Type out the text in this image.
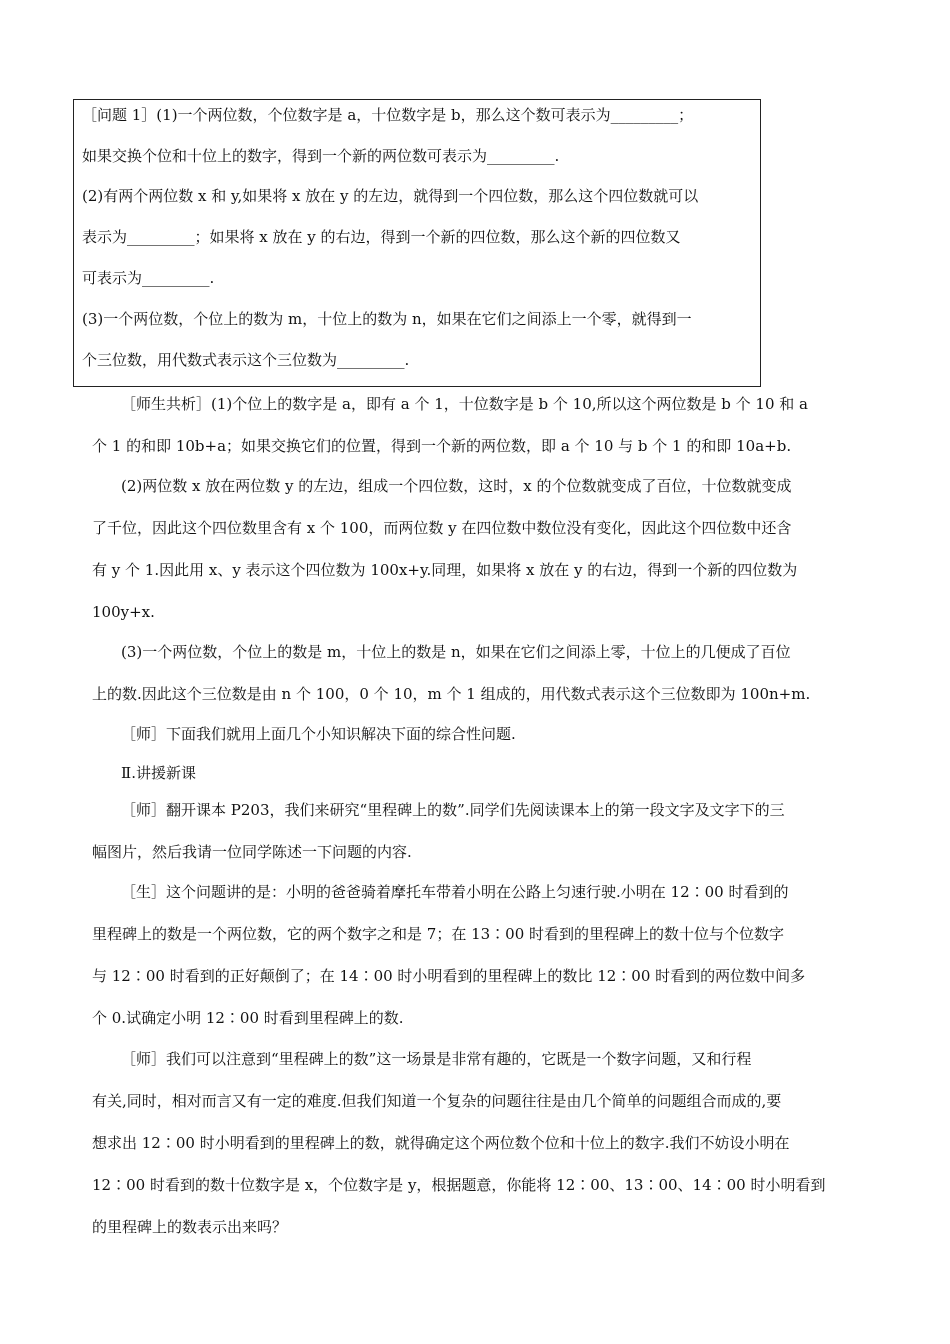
［问题 1］(1)一个两位数，个位数字是 a，十位数字是 b，那么这个数可表示为_________；
如果交换个位和十位上的数字，得到一个新的两位数可表示为_________.
(2)有两个两位数 x 和 y,如果将 x 放在 y 的左边，就得到一个四位数，那么这个四位数就可以
表示为_________；如果将 x 放在 y 的右边，得到一个新的四位数，那么这个新的四位数又
可表示为_________.
(3)一个两位数，个位上的数为 m，十位上的数为 n，如果在它们之间添上一个零，就得到一
个三位数，用代数式表示这个三位数为_________.
［师生共析］(1)个位上的数字是 a，即有 a 个 1，十位数字是 b 个 10,所以这个两位数是 b 个 10 和 a
个 1 的和即 10b+a；如果交换它们的位置，得到一个新的两位数，即 a 个 10 与 b 个 1 的和即 10a+b.
(2)两位数 x 放在两位数 y 的左边，组成一个四位数，这时，x 的个位数就变成了百位，十位数就变成
了千位，因此这个四位数里含有 x 个 100，而两位数 y 在四位数中数位没有变化，因此这个四位数中还含
有 y 个 1.因此用 x、y 表示这个四位数为 100x+y.同理，如果将 x 放在 y 的右边，得到一个新的四位数为
100y+x.
(3)一个两位数，个位上的数是 m，十位上的数是 n，如果在它们之间添上零，十位上的几便成了百位
上的数.因此这个三位数是由 n 个 100，0 个 10，m 个 1 组成的，用代数式表示这个三位数即为 100n+m.
［师］下面我们就用上面几个小知识解决下面的综合性问题.
Ⅱ.讲援新课
［师］翻开课本 P203，我们来研究“里程碑上的数”.同学们先阅读课本上的第一段文字及文字下的三
幅图片，然后我请一位同学陈述一下问题的内容.
［生］这个问题讲的是：小明的爸爸骑着摩托车带着小明在公路上匀速行驶.小明在 12∶00 时看到的
里程碑上的数是一个两位数，它的两个数字之和是 7；在 13∶00 时看到的里程碑上的数十位与个位数字
与 12∶00 时看到的正好颠倒了；在 14∶00 时小明看到的里程碑上的数比 12∶00 时看到的两位数中间多
个 0.试确定小明 12∶00 时看到里程碑上的数.
［师］我们可以注意到“里程碑上的数”这一场景是非常有趣的，它既是一个数字问题，又和行程
有关,同时，相对而言又有一定的难度.但我们知道一个复杂的问题往往是由几个简单的问题组合而成的,要
想求出 12∶00 时小明看到的里程碑上的数，就得确定这个两位数个位和十位上的数字.我们不妨设小明在
12∶00 时看到的数十位数字是 x，个位数字是 y，根据题意，你能将 12∶00、13∶00、14∶00 时小明看到
的里程碑上的数表示出来吗？
